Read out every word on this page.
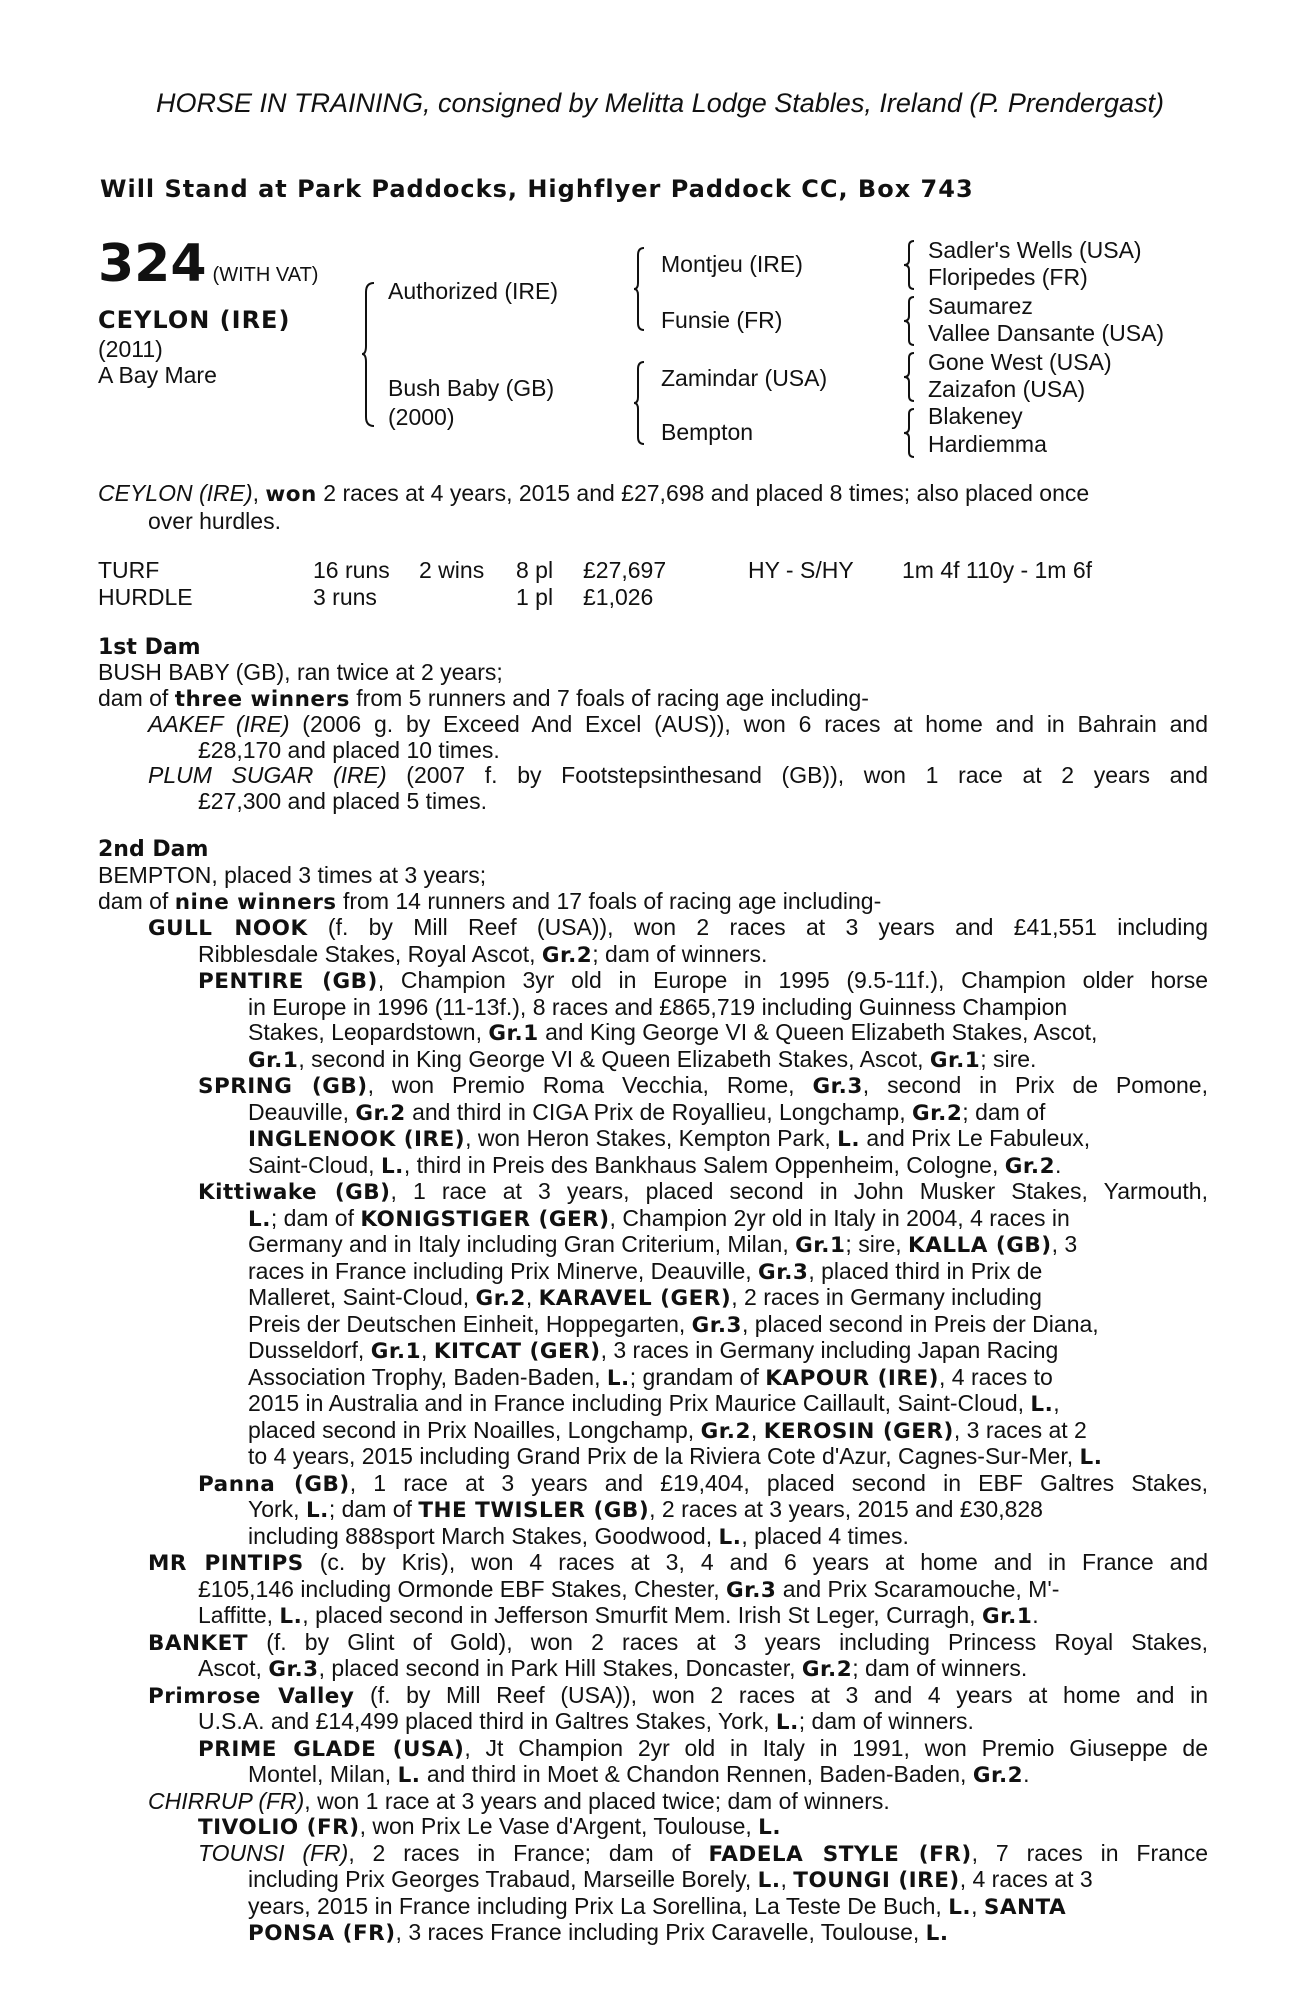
HORSE IN TRAINING, consigned by Melitta Lodge Stables, Ireland (P. Prendergast)
Will Stand at Park Paddocks, Highflyer Paddock CC, Box 743
324 (WITH VAT)
CEYLON (IRE)
(2011)
A Bay Mare
Authorized (IRE)
Bush Baby (GB)
(2000)
Montjeu (IRE)
Funsie (FR)
Zamindar (USA)
Bempton
Sadler's Wells (USA)
Floripedes (FR)
Saumarez
Vallee Dansante (USA)
Gone West (USA)
Zaizafon (USA)
Blakeney
Hardiemma
CEYLON (IRE), won 2 races at 4 years, 2015 and £27,698 and placed 8 times; also placed once
over hurdles.
TURF	16 runs 2 wins 8 pl £27,697	HY - S/HY 1m 4f 110y - 1m 6f
HURDLE	3 runs	1 pl £1,026
1st Dam
BUSH BABY (GB), ran twice at 2 years;
dam of three winners from 5 runners and 7 foals of racing age including-
AAKEF (IRE) (2006 g. by Exceed And Excel (AUS)), won 6 races at home and in Bahrain and
£28,170 and placed 10 times.
PLUM SUGAR (IRE) (2007 f. by Footstepsinthesand (GB)), won 1 race at 2 years and
£27,300 and placed 5 times.
2nd Dam
BEMPTON, placed 3 times at 3 years;
dam of nine winners from 14 runners and 17 foals of racing age including-
GULL NOOK (f. by Mill Reef (USA)), won 2 races at 3 years and £41,551 including
Ribblesdale Stakes, Royal Ascot, Gr.2; dam of winners.
PENTIRE (GB), Champion 3yr old in Europe in 1995 (9.5-11f.), Champion older horse
in Europe in 1996 (11-13f.), 8 races and £865,719 including Guinness Champion
Stakes, Leopardstown, Gr.1 and King George VI & Queen Elizabeth Stakes, Ascot,
Gr.1, second in King George VI & Queen Elizabeth Stakes, Ascot, Gr.1; sire.
SPRING (GB), won Premio Roma Vecchia, Rome, Gr.3, second in Prix de Pomone,
Deauville, Gr.2 and third in CIGA Prix de Royallieu, Longchamp, Gr.2; dam of
INGLENOOK (IRE), won Heron Stakes, Kempton Park, L. and Prix Le Fabuleux,
Saint-Cloud, L., third in Preis des Bankhaus Salem Oppenheim, Cologne, Gr.2.
Kittiwake (GB), 1 race at 3 years, placed second in John Musker Stakes, Yarmouth,
L.; dam of KONIGSTIGER (GER), Champion 2yr old in Italy in 2004, 4 races in
Germany and in Italy including Gran Criterium, Milan, Gr.1; sire, KALLA (GB), 3
races in France including Prix Minerve, Deauville, Gr.3, placed third in Prix de
Malleret, Saint-Cloud, Gr.2, KARAVEL (GER), 2 races in Germany including
Preis der Deutschen Einheit, Hoppegarten, Gr.3, placed second in Preis der Diana,
Dusseldorf, Gr.1, KITCAT (GER), 3 races in Germany including Japan Racing
Association Trophy, Baden-Baden, L.; grandam of KAPOUR (IRE), 4 races to
2015 in Australia and in France including Prix Maurice Caillault, Saint-Cloud, L.,
placed second in Prix Noailles, Longchamp, Gr.2, KEROSIN (GER), 3 races at 2
to 4 years, 2015 including Grand Prix de la Riviera Cote d'Azur, Cagnes-Sur-Mer, L.
Panna (GB), 1 race at 3 years and £19,404, placed second in EBF Galtres Stakes,
York, L.; dam of THE TWISLER (GB), 2 races at 3 years, 2015 and £30,828
including 888sport March Stakes, Goodwood, L., placed 4 times.
MR PINTIPS (c. by Kris), won 4 races at 3, 4 and 6 years at home and in France and
£105,146 including Ormonde EBF Stakes, Chester, Gr.3 and Prix Scaramouche, M'-
Laffitte, L., placed second in Jefferson Smurfit Mem. Irish St Leger, Curragh, Gr.1.
BANKET (f. by Glint of Gold), won 2 races at 3 years including Princess Royal Stakes,
Ascot, Gr.3, placed second in Park Hill Stakes, Doncaster, Gr.2; dam of winners.
Primrose Valley (f. by Mill Reef (USA)), won 2 races at 3 and 4 years at home and in
U.S.A. and £14,499 placed third in Galtres Stakes, York, L.; dam of winners.
PRIME GLADE (USA), Jt Champion 2yr old in Italy in 1991, won Premio Giuseppe de
Montel, Milan, L. and third in Moet & Chandon Rennen, Baden-Baden, Gr.2.
CHIRRUP (FR), won 1 race at 3 years and placed twice; dam of winners.
TIVOLIO (FR), won Prix Le Vase d'Argent, Toulouse, L.
TOUNSI (FR), 2 races in France; dam of FADELA STYLE (FR), 7 races in France
including Prix Georges Trabaud, Marseille Borely, L., TOUNGI (IRE), 4 races at 3
years, 2015 in France including Prix La Sorellina, La Teste De Buch, L., SANTA
PONSA (FR), 3 races France including Prix Caravelle, Toulouse, L.
